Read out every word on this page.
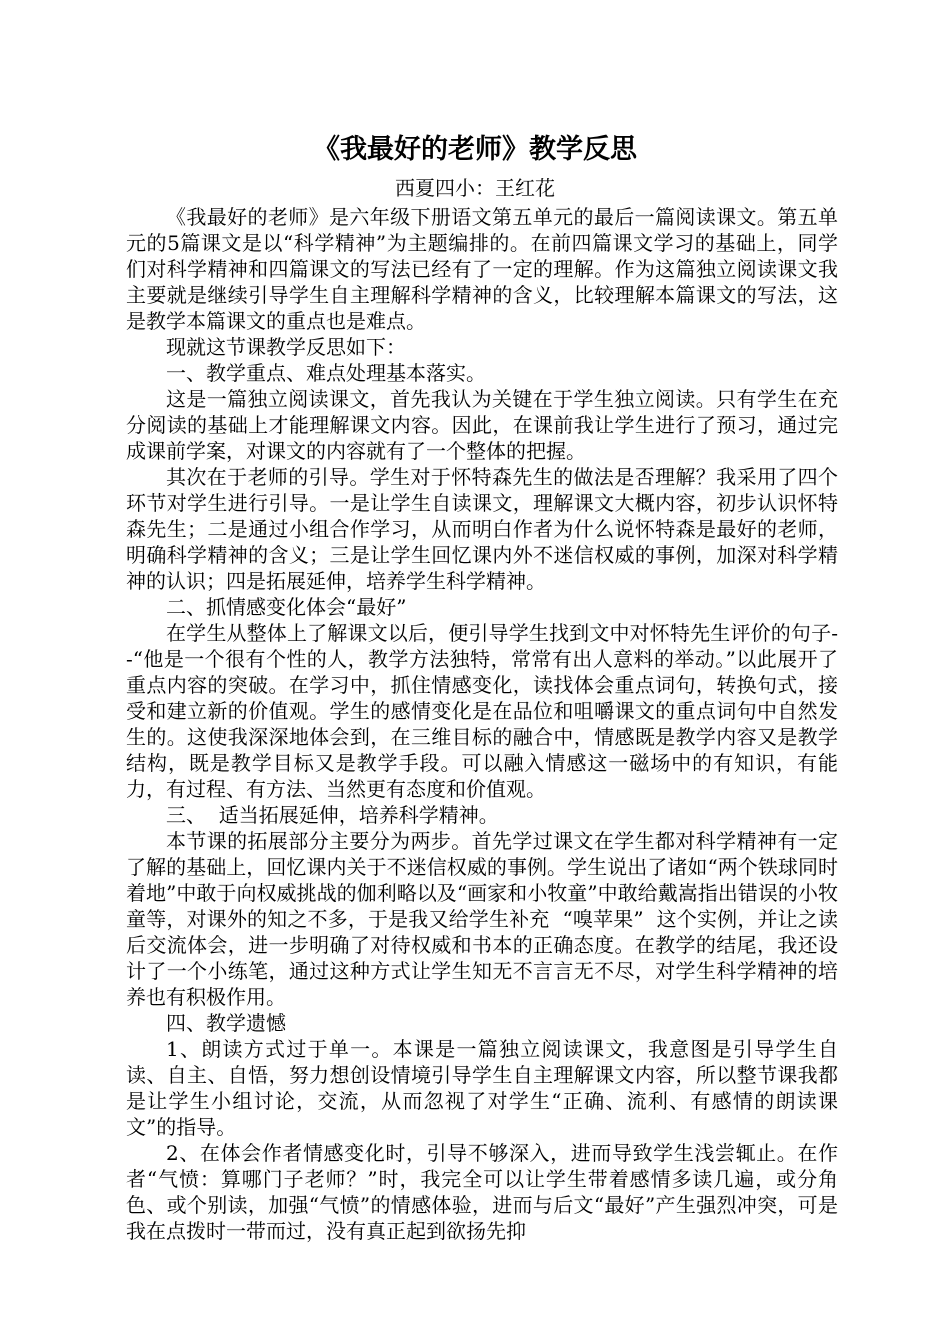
《我最好的老师》教学反思
西夏四小：王红花

《我最好的老师》是六年级下册语文第五单元的最后一篇阅读课文。第五单元的5篇课文是以“科学精神”为主题编排的。在前四篇课文学习的基础上，同学们对科学精神和四篇课文的写法已经有了一定的理解。作为这篇独立阅读课文我主要就是继续引导学生自主理解科学精神的含义，比较理解本篇课文的写法，这是教学本篇课文的重点也是难点。

现就这节课教学反思如下：

一、教学重点、难点处理基本落实。

这是一篇独立阅读课文，首先我认为关键在于学生独立阅读。只有学生在充分阅读的基础上才能理解课文内容。因此，在课前我让学生进行了预习，通过完成课前学案，对课文的内容就有了一个整体的把握。

其次在于老师的引导。学生对于怀特森先生的做法是否理解？我采用了四个环节对学生进行引导。一是让学生自读课文，理解课文大概内容，初步认识怀特森先生；二是通过小组合作学习，从而明白作者为什么说怀特森是最好的老师，明确科学精神的含义；三是让学生回忆课内外不迷信权威的事例，加深对科学精神的认识；四是拓展延伸，培养学生科学精神。

二、抓情感变化体会“最好”

在学生从整体上了解课文以后，便引导学生找到文中对怀特先生评价的句子--“他是一个很有个性的人，教学方法独特，常常有出人意料的举动。”以此展开了重点内容的突破。在学习中，抓住情感变化，读找体会重点词句，转换句式，接受和建立新的价值观。学生的感情变化是在品位和咀嚼课文的重点词句中自然发生的。这使我深深地体会到，在三维目标的融合中，情感既是教学内容又是教学结构，既是教学目标又是教学手段。可以融入情感这一磁场中的有知识，有能力，有过程、有方法、当然更有态度和价值观。

三、  适当拓展延伸，培养科学精神。

本节课的拓展部分主要分为两步。首先学过课文在学生都对科学精神有一定了解的基础上，回忆课内关于不迷信权威的事例。学生说出了诸如“两个铁球同时着地”中敢于向权威挑战的伽利略以及“画家和小牧童”中敢给戴嵩指出错误的小牧童等，对课外的知之不多，于是我又给学生补充  “嗅苹果”  这个实例，并让之读后交流体会，进一步明确了对待权威和书本的正确态度。在教学的结尾，我还设计了一个小练笔，通过这种方式让学生知无不言言无不尽，对学生科学精神的培养也有积极作用。

四、教学遗憾

1、朗读方式过于单一。本课是一篇独立阅读课文，我意图是引导学生自读、自主、自悟，努力想创设情境引导学生自主理解课文内容，所以整节课我都是让学生小组讨论，交流，从而忽视了对学生“正确、流利、有感情的朗读课文”的指导。

2、在体会作者情感变化时，引导不够深入，进而导致学生浅尝辄止。在作者“气愤：算哪门子老师？”时，我完全可以让学生带着感情多读几遍，或分角色、或个别读，加强“气愤”的情感体验，进而与后文“最好”产生强烈冲突，可是我在点拨时一带而过，没有真正起到欲扬先抑
